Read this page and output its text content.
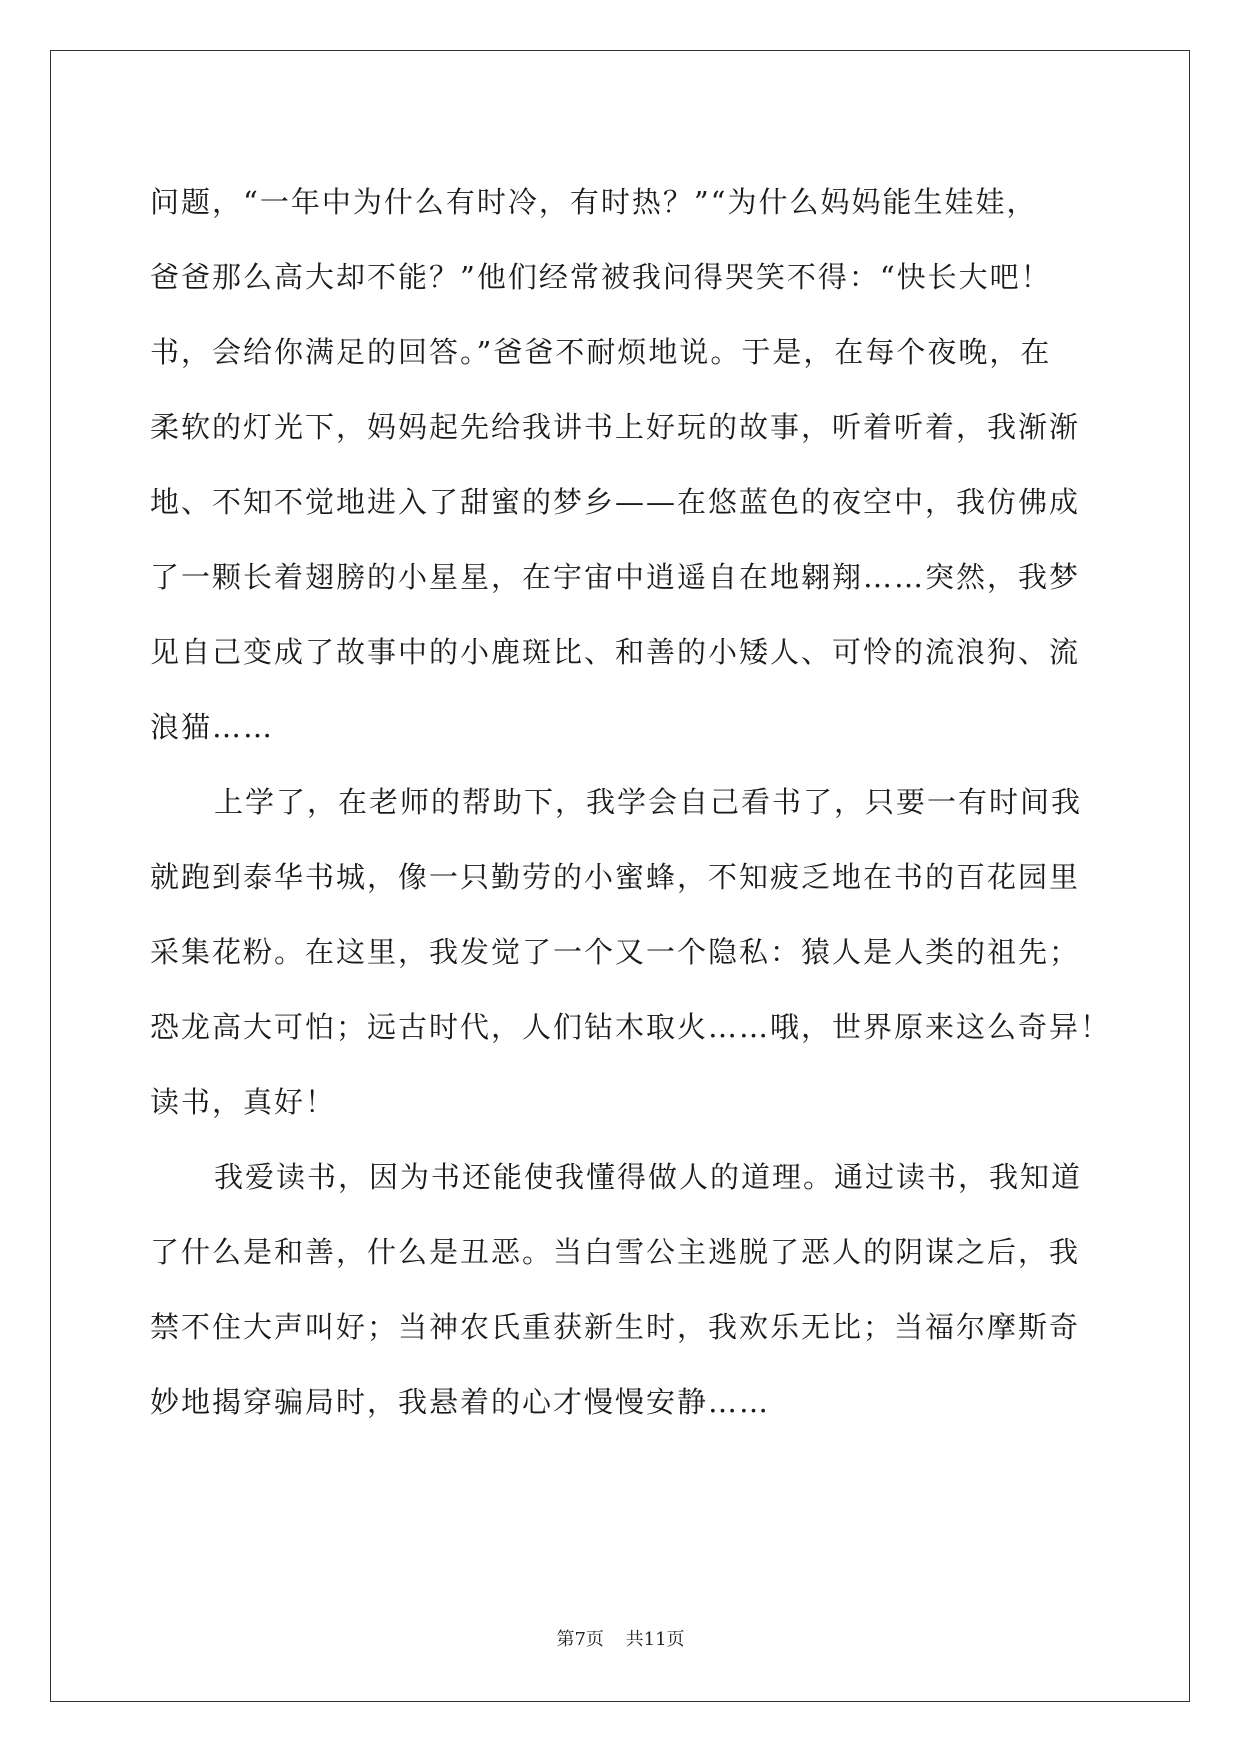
问题，“一年中为什么有时冷，有时热？”“为什么妈妈能生娃娃，
爸爸那么高大却不能？”他们经常被我问得哭笑不得：“快长大吧！
书，会给你满足的回答。”爸爸不耐烦地说。于是，在每个夜晚，在
柔软的灯光下，妈妈起先给我讲书上好玩的故事，听着听着，我渐渐
地、不知不觉地进入了甜蜜的梦乡——在悠蓝色的夜空中，我仿佛成
了一颗长着翅膀的小星星，在宇宙中逍遥自在地翱翔……突然，我梦
见自己变成了故事中的小鹿斑比、和善的小矮人、可怜的流浪狗、流
浪猫……
上学了，在老师的帮助下，我学会自己看书了，只要一有时间我
就跑到泰华书城，像一只勤劳的小蜜蜂，不知疲乏地在书的百花园里
采集花粉。在这里，我发觉了一个又一个隐私：猿人是人类的祖先；
恐龙高大可怕；远古时代，人们钻木取火……哦，世界原来这么奇异！
读书，真好！
我爱读书，因为书还能使我懂得做人的道理。通过读书，我知道
了什么是和善，什么是丑恶。当白雪公主逃脱了恶人的阴谋之后，我
禁不住大声叫好；当神农氏重获新生时，我欢乐无比；当福尔摩斯奇
妙地揭穿骗局时，我悬着的心才慢慢安静……
第7页 共11页
